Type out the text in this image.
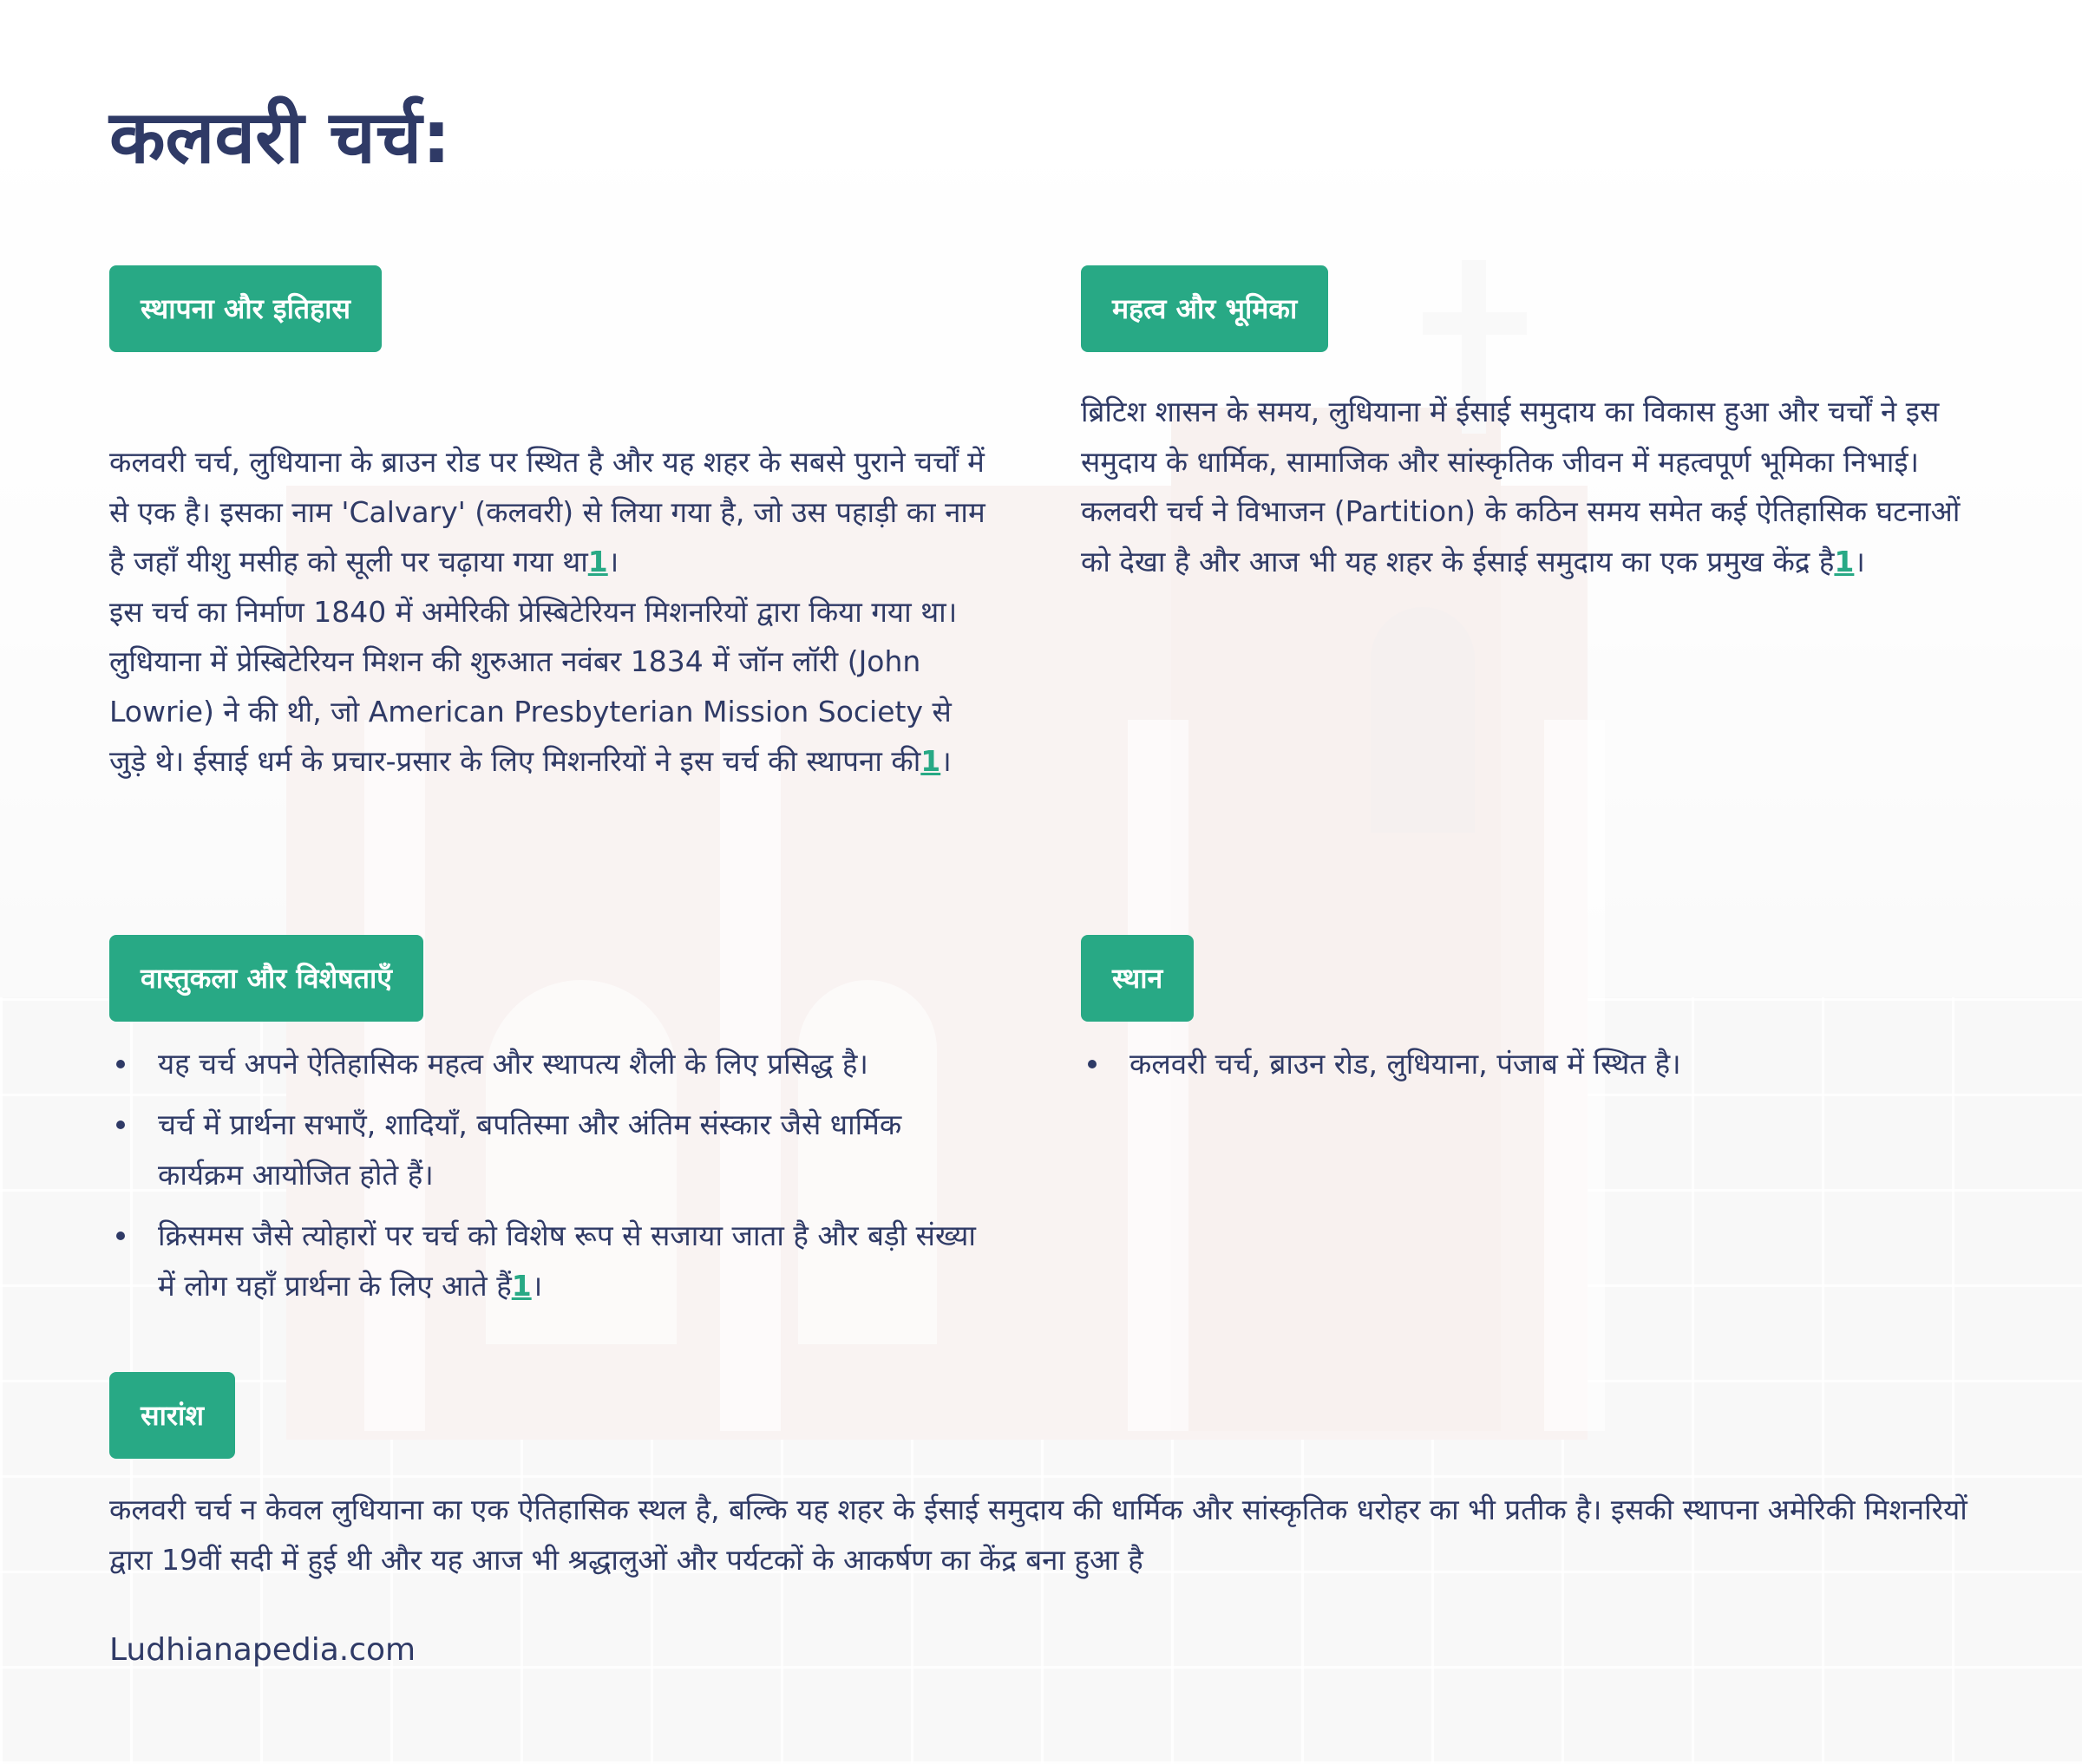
कलवरी चर्च:
स्थापना और इतिहास

कलवरी चर्च, लुधियाना के ब्राउन रोड पर स्थित है और यह शहर के सबसे पुराने चर्चों में से एक है। इसका नाम 'Calvary' (कलवरी) से लिया गया है, जो उस पहाड़ी का नाम है जहाँ यीशु मसीह को सूली पर चढ़ाया गया था1।

इस चर्च का निर्माण 1840 में अमेरिकी प्रेस्बिटेरियन मिशनरियों द्वारा किया गया था। लुधियाना में प्रेस्बिटेरियन मिशन की शुरुआत नवंबर 1834 में जॉन लॉरी (John Lowrie) ने की थी, जो American Presbyterian Mission Society से जुड़े थे। ईसाई धर्म के प्रचार-प्रसार के लिए मिशनरियों ने इस चर्च की स्थापना की1।

महत्व और भूमिका

ब्रिटिश शासन के समय, लुधियाना में ईसाई समुदाय का विकास हुआ और चर्चों ने इस समुदाय के धार्मिक, सामाजिक और सांस्कृतिक जीवन में महत्वपूर्ण भूमिका निभाई। कलवरी चर्च ने विभाजन (Partition) के कठिन समय समेत कई ऐतिहासिक घटनाओं को देखा है और आज भी यह शहर के ईसाई समुदाय का एक प्रमुख केंद्र है1।

वास्तुकला और विशेषताएँ
यह चर्च अपने ऐतिहासिक महत्व और स्थापत्य शैली के लिए प्रसिद्ध है।
चर्च में प्रार्थना सभाएँ, शादियाँ, बपतिस्मा और अंतिम संस्कार जैसे धार्मिक कार्यक्रम आयोजित होते हैं।
क्रिसमस जैसे त्योहारों पर चर्च को विशेष रूप से सजाया जाता है और बड़ी संख्या में लोग यहाँ प्रार्थना के लिए आते हैं1।
स्थान
कलवरी चर्च, ब्राउन रोड, लुधियाना, पंजाब में स्थित है।
सारांश

कलवरी चर्च न केवल लुधियाना का एक ऐतिहासिक स्थल है, बल्कि यह शहर के ईसाई समुदाय की धार्मिक और सांस्कृतिक धरोहर का भी प्रतीक है। इसकी स्थापना अमेरिकी मिशनरियों द्वारा 19वीं सदी में हुई थी और यह आज भी श्रद्धालुओं और पर्यटकों के आकर्षण का केंद्र बना हुआ है

Ludhianapedia.com
